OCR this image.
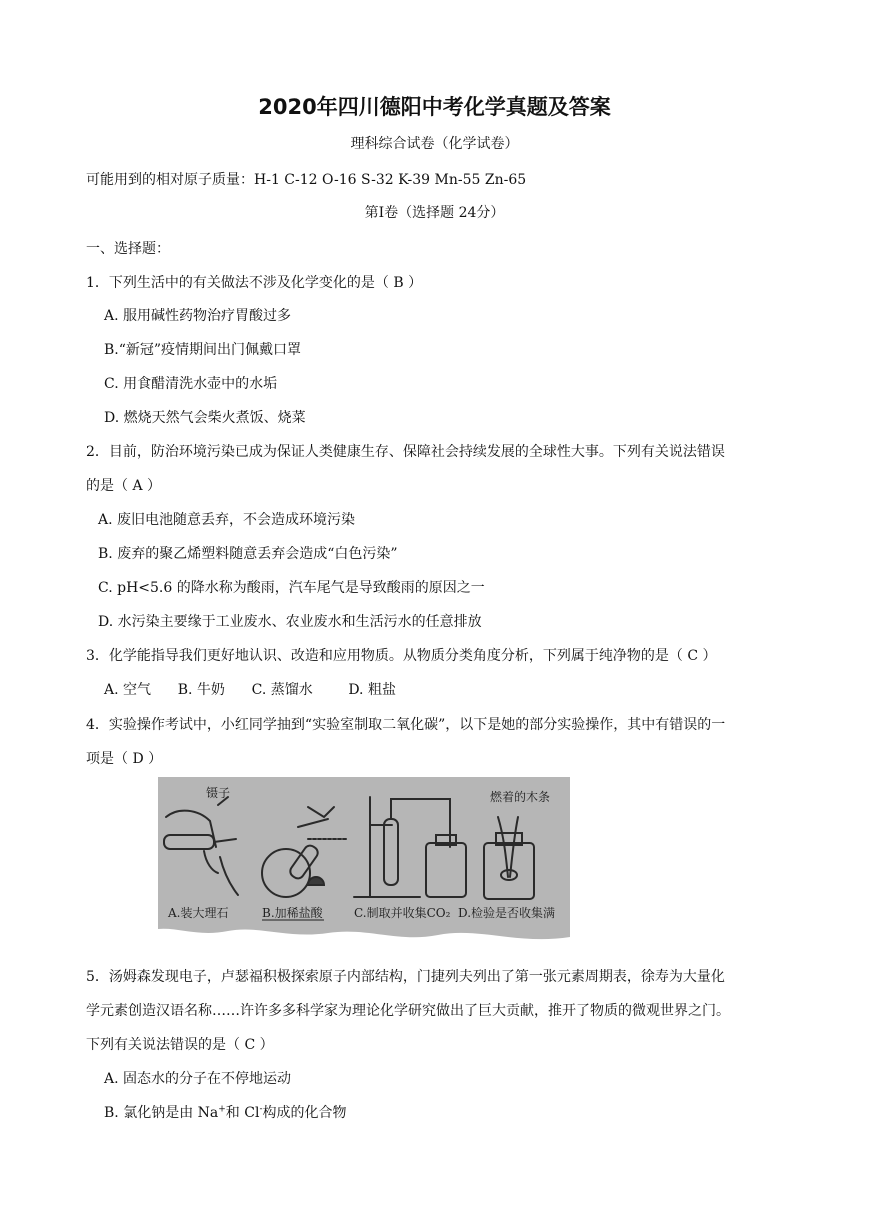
2020年四川德阳中考化学真题及答案
理科综合试卷（化学试卷）
可能用到的相对原子质量：H-1 C-12 O-16 S-32 K-39 Mn-55 Zn-65
第Ⅰ卷（选择题 24分）
一、选择题：
1．下列生活中的有关做法不涉及化学变化的是（ B ）
A. 服用碱性药物治疗胃酸过多
B.“新冠”疫情期间出门佩戴口罩
C. 用食醋清洗水壶中的水垢
D. 燃烧天然气会柴火煮饭、烧菜
2．目前，防治环境污染已成为保证人类健康生存、保障社会持续发展的全球性大事。下列有关说法错误
的是（ A ）
A. 废旧电池随意丢弃，不会造成环境污染
B. 废弃的聚乙烯塑料随意丢弃会造成“白色污染”
C. pH<5.6 的降水称为酸雨，汽车尾气是导致酸雨的原因之一
D. 水污染主要缘于工业废水、农业废水和生活污水的任意排放
3．化学能指导我们更好地认识、改造和应用物质。从物质分类角度分析，下列属于纯净物的是（ C ）
A. 空气      B. 牛奶      C. 蒸馏水        D. 粗盐
4．实验操作考试中，小红同学抽到“实验室制取二氧化碳”，以下是她的部分实验操作，其中有错误的一
项是（ D ）
镊子	燃着的木条
A.装大理石	B.加稀盐酸	C.制取并收集CO₂ D.检验是否收集满
5．汤姆森发现电子，卢瑟福积极探索原子内部结构，门捷列夫列出了第一张元素周期表，徐寿为大量化
学元素创造汉语名称……许许多多科学家为理论化学研究做出了巨大贡献，推开了物质的微观世界之门。
下列有关说法错误的是（ C ）
A. 固态水的分子在不停地运动
B. 氯化钠是由 Na+和 Cl-构成的化合物
